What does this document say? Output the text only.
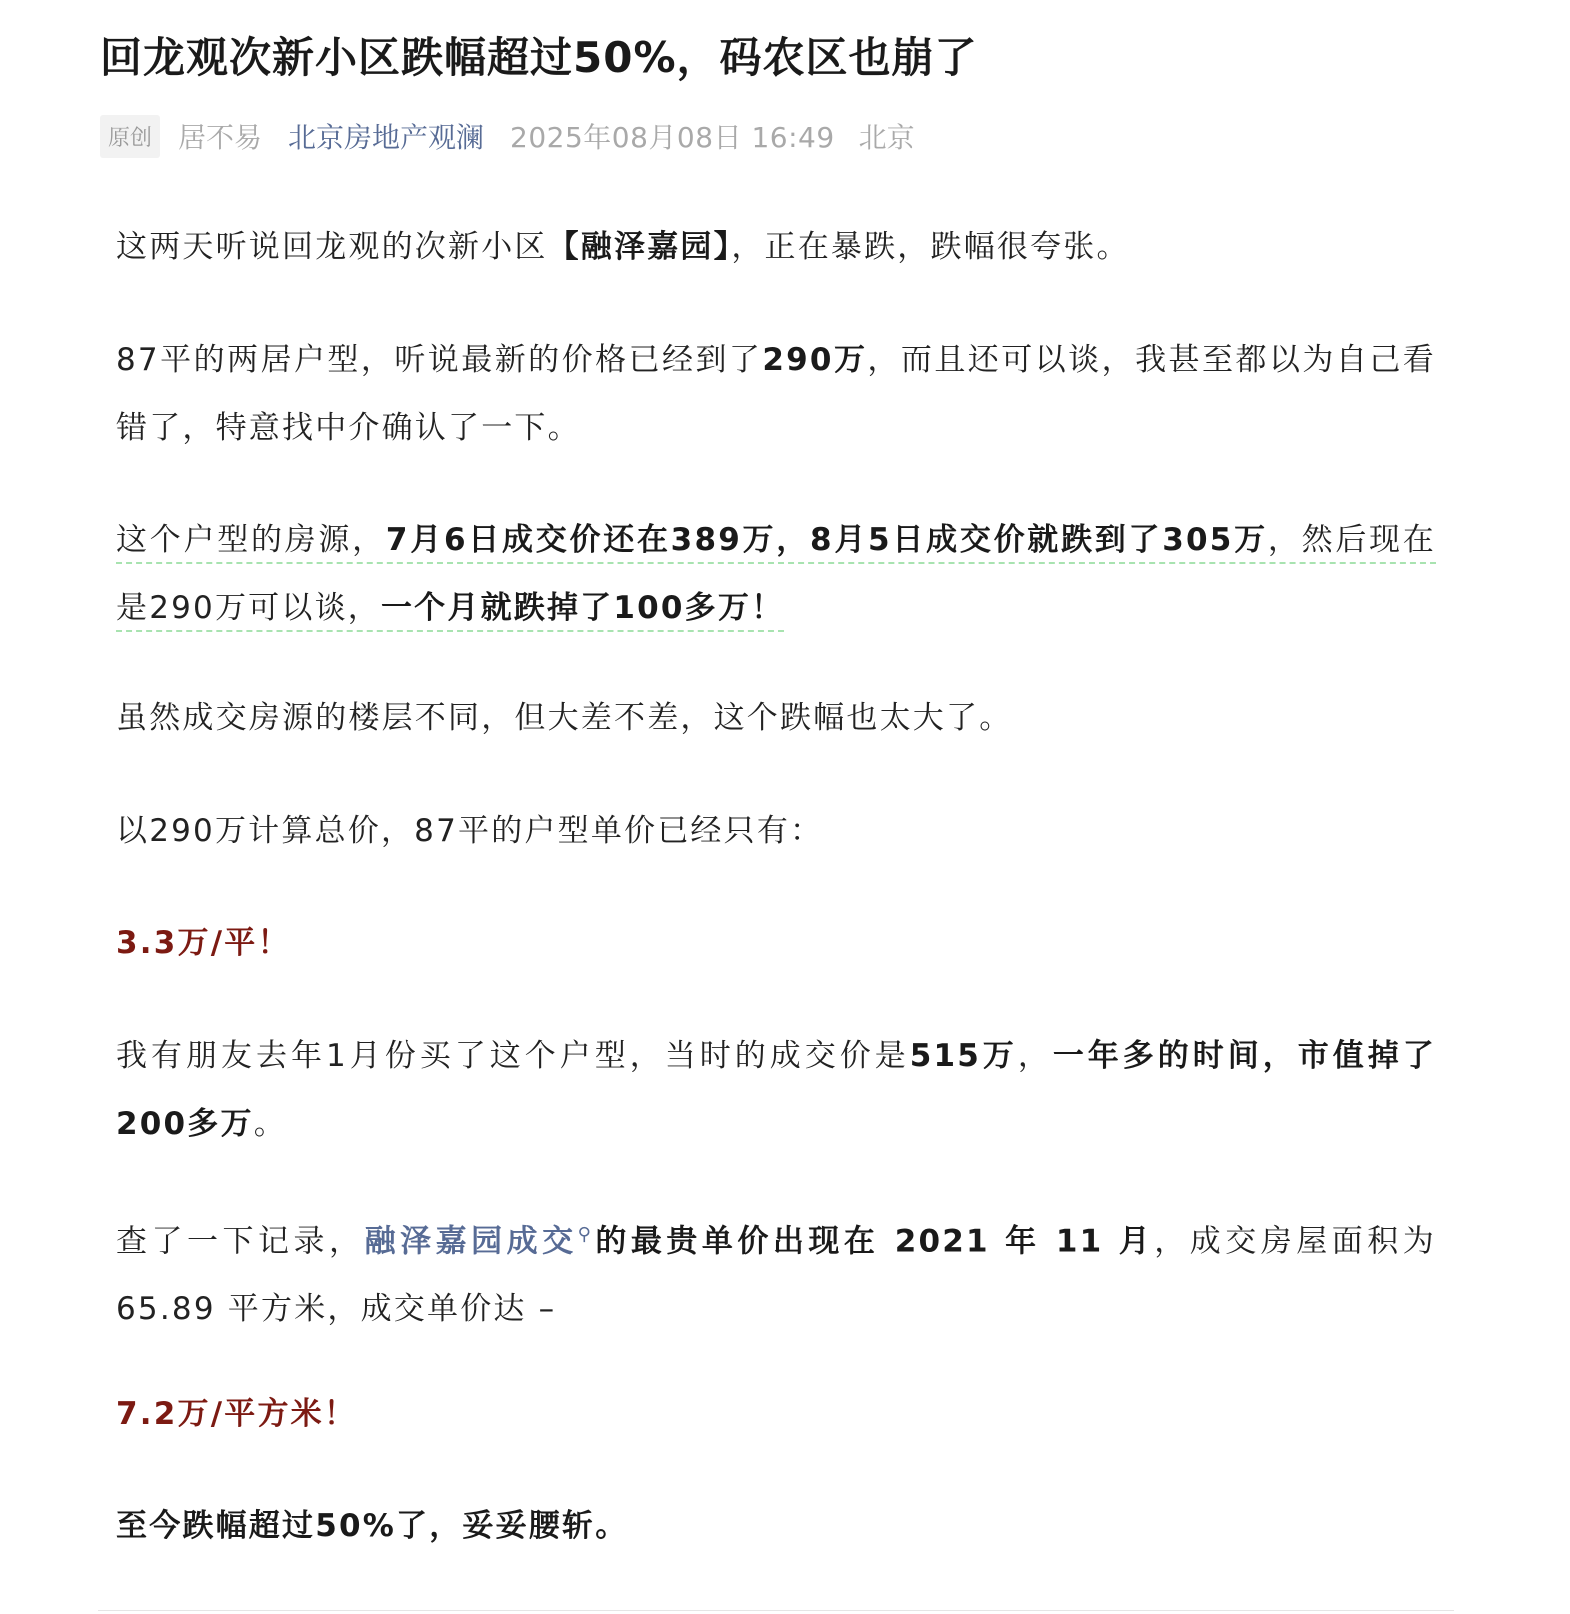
回龙观次新小区跌幅超过50%，码农区也崩了
原创 居不易 北京房地产观澜 2025年08月08日 16:49 北京

这两天听说回龙观的次新小区【融泽嘉园】，正在暴跌，跌幅很夸张。

87平的两居户型，听说最新的价格已经到了290万，而且还可以谈，我甚至都以为自己看错了，特意找中介确认了一下。

这个户型的房源，7月6日成交价还在389万，8月5日成交价就跌到了305万，然后现在是290万可以谈，一个月就跌掉了100多万！

虽然成交房源的楼层不同，但大差不差，这个跌幅也太大了。

以290万计算总价，87平的户型单价已经只有：

3.3万/平！

我有朋友去年1月份买了这个户型，当时的成交价是515万，一年多的时间，市值掉了200多万。

查了一下记录，融泽嘉园成交⚲的最贵单价出现在 2021 年 11 月，成交房屋面积为 65.89 平方米，成交单价达 –

7.2万/平方米！

至今跌幅超过50%了，妥妥腰斩。
